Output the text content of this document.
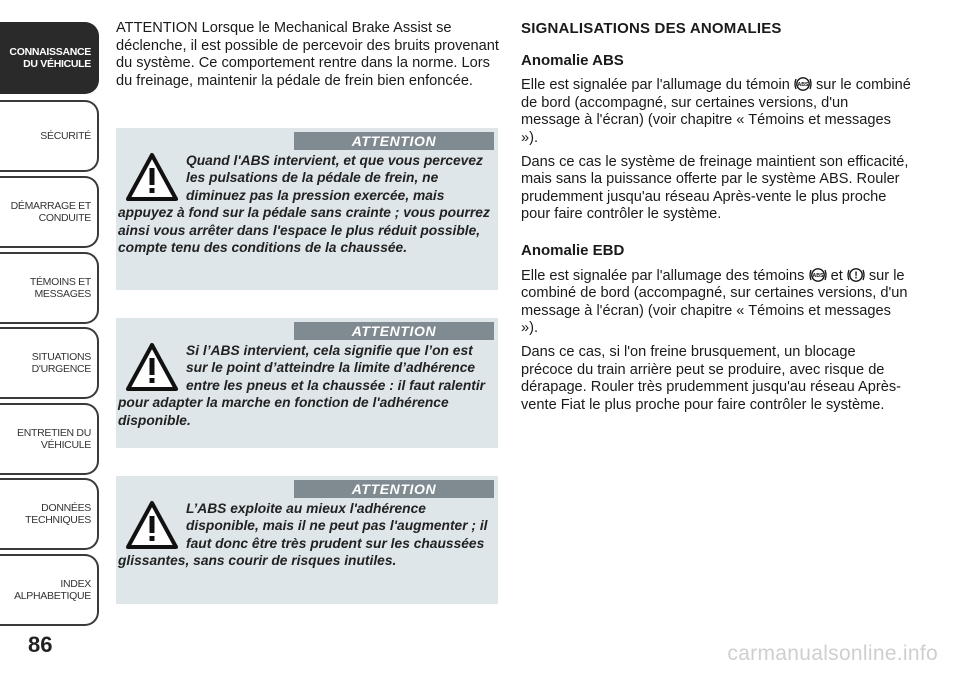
CONNAISSANCE
DU VÉHICULE
SÉCURITÉ
DÉMARRAGE ET
CONDUITE
TÉMOINS ET
MESSAGES
SITUATIONS
D'URGENCE
ENTRETIEN DU
VÉHICULE
DONNÉES
TECHNIQUES
INDEX
ALPHABETIQUE
86

ATTENTION Lorsque le Mechanical Brake Assist se déclenche, il est possible de percevoir des bruits provenant du système. Ce comportement rentre dans la norme. Lors du freinage, maintenir la pédale de frein bien enfoncée.

ATTENTION

Quand l'ABS intervient, et que vous percevez les pulsations de la pédale de frein, ne diminuez pas la pression exercée, mais appuyez à fond sur la pédale sans crainte ; vous pourrez ainsi vous arrêter dans l'espace le plus réduit possible, compte tenu des conditions de la chaussée.

ATTENTION

Si l’ABS intervient, cela signifie que l’on est sur le point d’atteindre la limite d’adhérence entre les pneus et la chaussée : il faut ralentir pour adapter la marche en fonction de l'adhérence disponible.

ATTENTION

L’ABS exploite au mieux l'adhérence disponible, mais il ne peut pas l'augmenter ; il faut donc être très prudent sur les chaussées glissantes, sans courir de risques inutiles.

SIGNALISATIONS DES ANOMALIES
Anomalie ABS

Elle est signalée par l'allumage du témoin ABS sur le combiné de bord (accompagné, sur certaines versions, d'un message à l'écran) (voir chapitre « Témoins et messages »).

Dans ce cas le système de freinage maintient son efficacité, mais sans la puissance offerte par le système ABS. Rouler prudemment jusqu'au réseau Après-vente le plus proche pour faire contrôler le système.

Anomalie EBD

Elle est signalée par l'allumage des témoins ABS et ! sur le combiné de bord (accompagné, sur certaines versions, d'un message à l'écran) (voir chapitre « Témoins et messages »).

Dans ce cas, si l'on freine brusquement, un blocage précoce du train arrière peut se produire, avec risque de dérapage. Rouler très prudemment jusqu'au réseau Après-vente Fiat le plus proche pour faire contrôler le système.

carmanualsonline.info
